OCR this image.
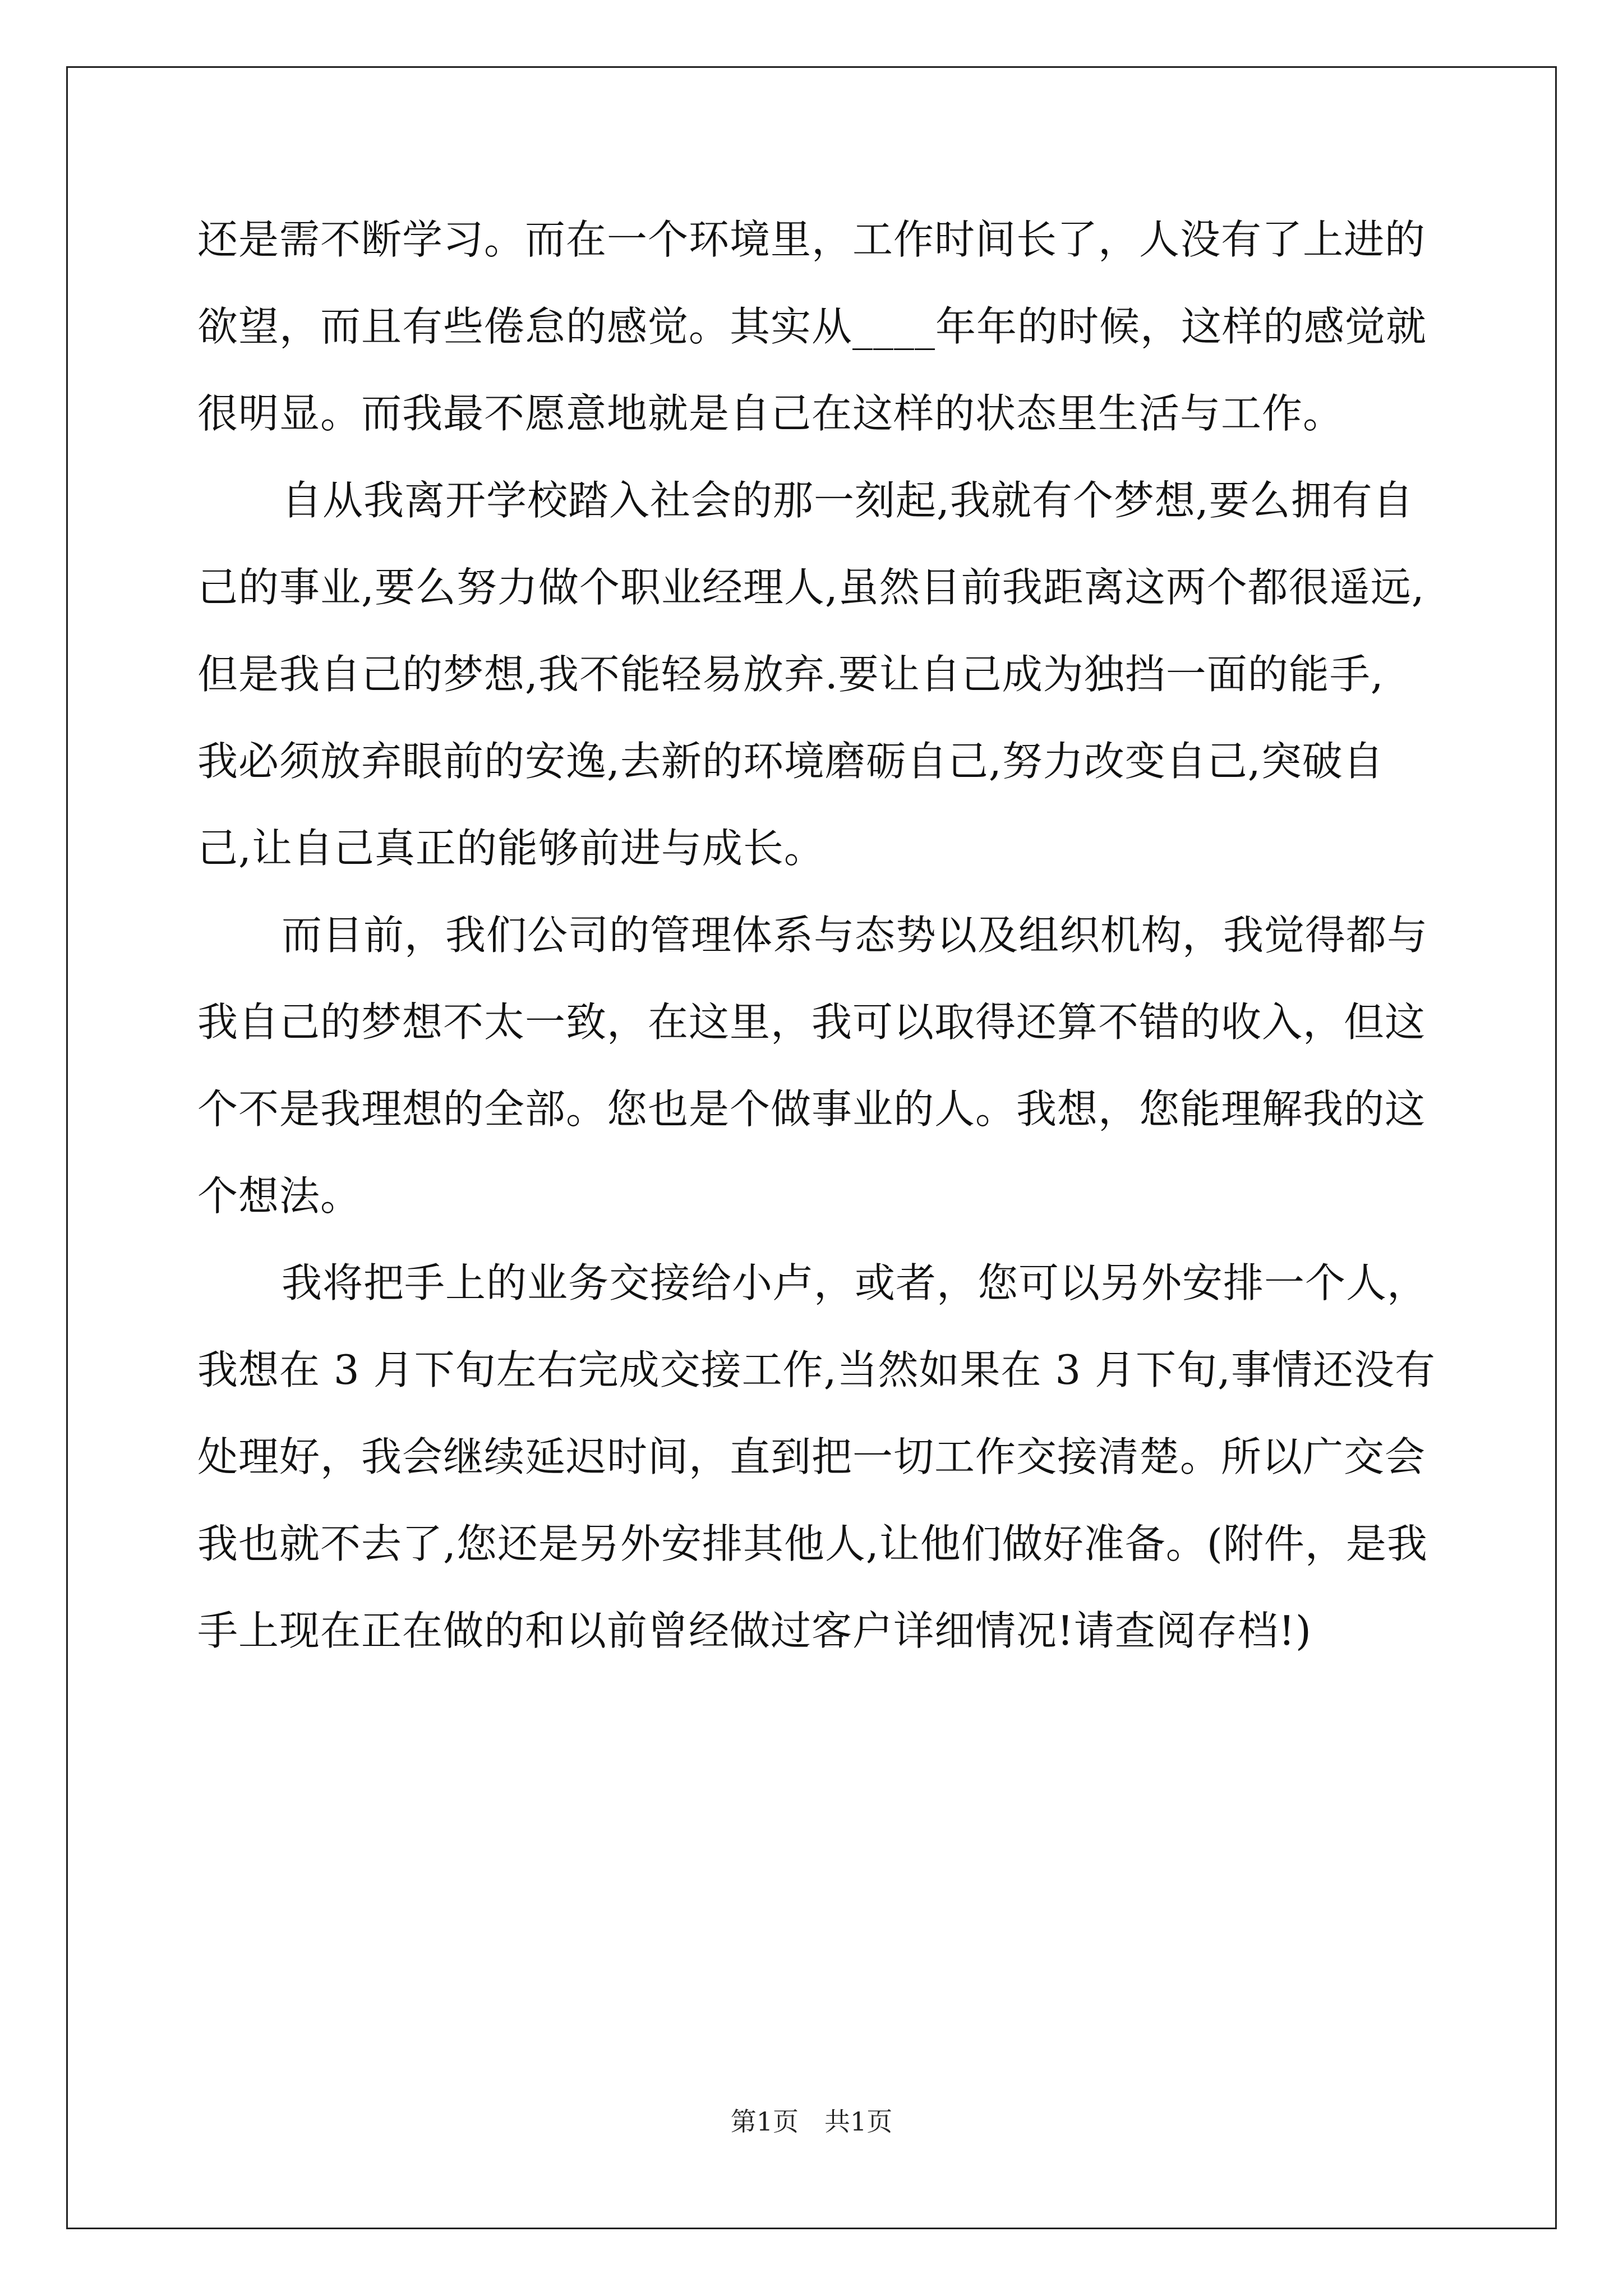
还是需不断学习。而在一个环境里，工作时间长了，人没有了上进的
欲望，而且有些倦怠的感觉。其实从____年年的时候，这样的感觉就
很明显。而我最不愿意地就是自己在这样的状态里生活与工作。
自从我离开学校踏入社会的那一刻起,我就有个梦想,要么拥有自
己的事业,要么努力做个职业经理人,虽然目前我距离这两个都很遥远,
但是我自己的梦想,我不能轻易放弃.要让自己成为独挡一面的能手,
我必须放弃眼前的安逸,去新的环境磨砺自己,努力改变自己,突破自
己,让自己真正的能够前进与成长。
而目前，我们公司的管理体系与态势以及组织机构，我觉得都与
我自己的梦想不太一致，在这里，我可以取得还算不错的收入，但这
个不是我理想的全部。您也是个做事业的人。我想，您能理解我的这
个想法。
我将把手上的业务交接给小卢，或者，您可以另外安排一个人，
我想在 3 月下旬左右完成交接工作,当然如果在 3 月下旬,事情还没有
处理好，我会继续延迟时间，直到把一切工作交接清楚。所以广交会
我也就不去了,您还是另外安排其他人,让他们做好准备。(附件，是我
手上现在正在做的和以前曾经做过客户详细情况!请查阅存档!)
第1页 共1页
